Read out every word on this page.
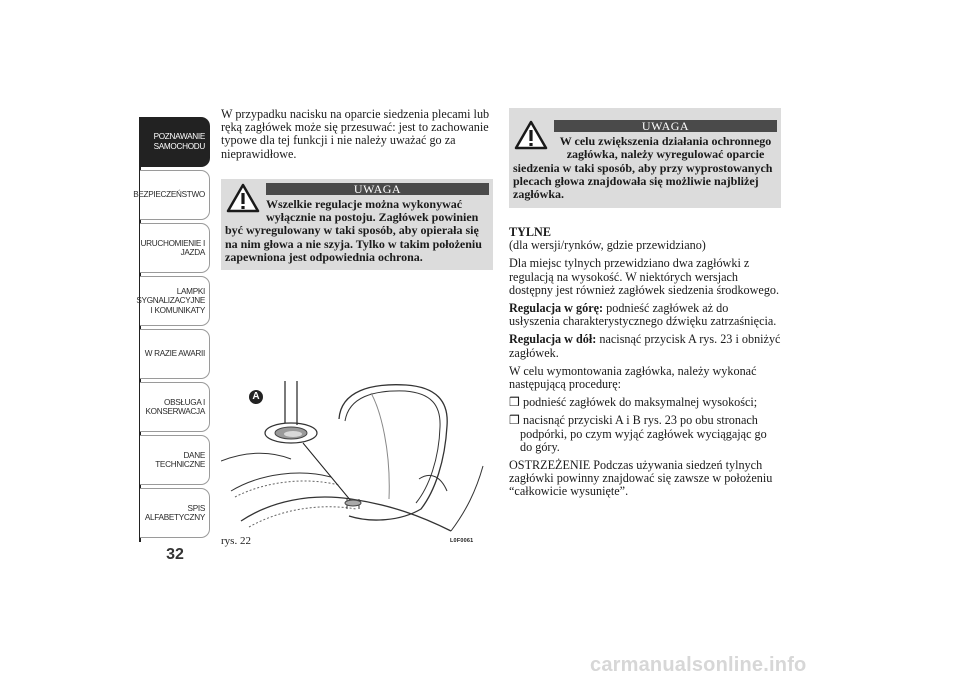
POZNAWANIE
SAMOCHODU
BEZPIECZEŃSTWO
URUCHOMIENIE I
JAZDA
LAMPKI
SYGNALIZACYJNE
I KOMUNIKATY
W RAZIE AWARII
OBSŁUGA I
KONSERWACJA
DANE
TECHNICZNE
SPIS
ALFABETYCZNY
32

W przypadku nacisku na oparcie siedzenia plecami lub ręką zagłówek może się przesuwać: jest to zachowanie typowe dla tej funkcji i nie należy uważać go za nieprawidłowe.

UWAGA
Wszelkie regulacje można wykonywać wyłącznie na postoju. Zagłówek powinien
być wyregulowany w taki sposób, aby opierała się na nim głowa a nie szyja. Tylko w takim położeniu zapewniona jest odpowiednia ochrona.
A
rys. 22	L0F0061
UWAGA
W celu zwiększenia działania ochronnego zagłówka, należy wyregulować oparcie
siedzenia w taki sposób, aby przy wyprostowanych plecach głowa znajdowała się możliwie najbliżej zagłówka.

TYLNE

(dla wersji/rynków, gdzie przewidziano)

Dla miejsc tylnych przewidziano dwa zagłówki z regulacją na wysokość. W niektórych wersjach dostępny jest również zagłówek siedzenia środkowego.

Regulacja w górę: podnieść zagłówek aż do usłyszenia charakterystycznego dźwięku zatrzaśnięcia.

Regulacja w dół: nacisnąć przycisk A rys. 23 i obniżyć zagłówek.

W celu wymontowania zagłówka, należy wykonać następującą procedurę:

❒ podnieść zagłówek do maksymalnej wysokości;

❒ nacisnąć przyciski A i B rys. 23 po obu stronach podpórki, po czym wyjąć zagłówek wyciągając go do góry.

OSTRZEŻENIE Podczas używania siedzeń tylnych zagłówki powinny znajdować się zawsze w położeniu “całkowicie wysunięte”.

carmanualsonline.info
